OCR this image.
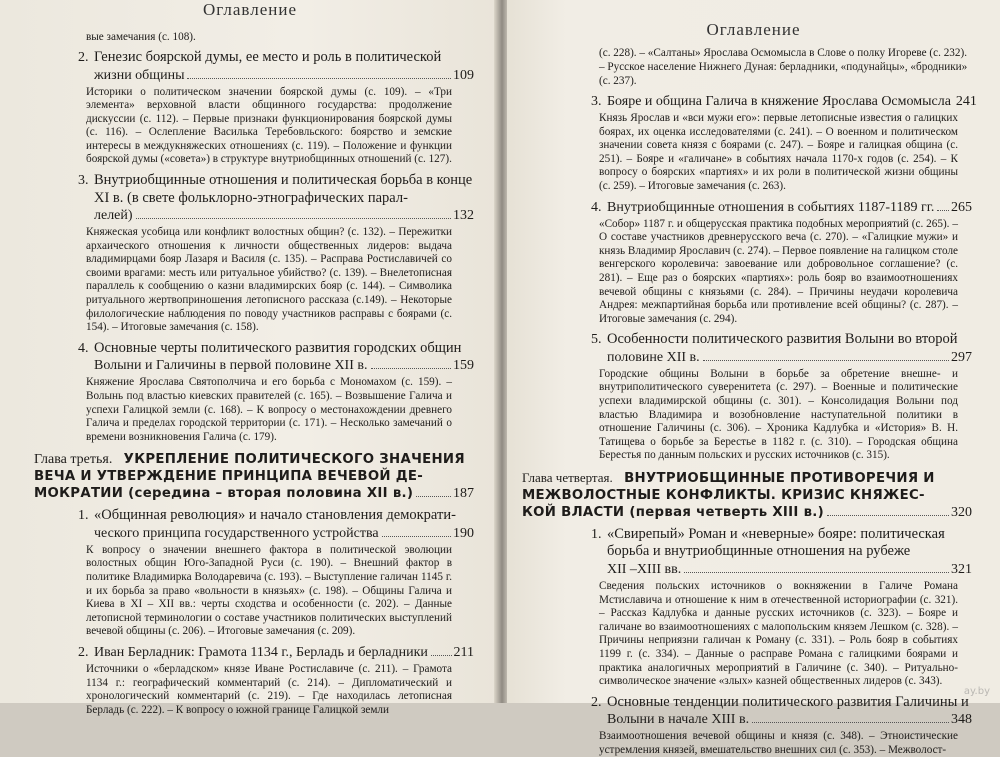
Оглавление
вые замечания (с. 108).
2. Генезис боярской думы, ее место и роль в политической
жизни общины	109
Историки о политическом значении боярской думы (с. 109). – «Три элемента» верховной власти общинного государства: продолжение дискуссии (с. 112). – Первые признаки функционирования боярской думы (с. 116). – Ослепление Василька Теребовльского: боярство и земские интересы в междукняжеских отношениях (с. 119). – Положение и функции боярской думы («совета») в структуре внутриобщинных отношений (с. 127).
3. Внутриобщинные отношения и политическая борьба в конце XI в. (в свете фольклорно-этнографических парал-
лелей)	132
Княжеская усобица или конфликт волостных общин? (с. 132). – Пережитки архаического отношения к личности общественных лидеров: выдача владимирцами бояр Лазаря и Василя (с. 135). – Расправа Ростиславичей со своими врагами: месть или ритуальное убийство? (с. 139). – Внелетописная параллель к сообщению о казни владимирских бояр (с. 144). – Символика ритуального жертвоприношения летописного рассказа (с.149). – Некоторые филологические наблюдения по поводу участников расправы с боярами (с. 154). – Итоговые замечания (с. 158).
4. Основные черты политического развития городских общин
Волыни и Галичины в первой половине XII в.	159
Княжение Ярослава Святополчича и его борьба с Мономахом (с. 159). – Волынь под властью киевских правителей (с. 165). – Возвышение Галича и успехи Галицкой земли (с. 168). – К вопросу о местонахождении древнего Галича и пределах городской территории (с. 171). – Несколько замечаний о времени возникновения Галича (с. 179).
Глава третья. УКРЕПЛЕНИЕ ПОЛИТИЧЕСКОГО ЗНАЧЕНИЯ
ВЕЧА И УТВЕРЖДЕНИЕ ПРИНЦИПА ВЕЧЕВОЙ ДЕ-
МОКРАТИИ (середина – вторая половина XII в.)	187
1. «Общинная революция» и начало становления демократи-
ческого принципа государственного устройства	190
К вопросу о значении внешнего фактора в политической эволюции волостных общин Юго-Западной Руси (с. 190). – Внешний фактор в политике Владимирка Володаревича (с. 193). – Выступление галичан 1145 г. и их борьба за право «вольности в князьях» (с. 198). – Общины Галича и Киева в XI – XII вв.: черты сходства и особенности (с. 202). – Данные летописной терминологии о составе участников политических выступлений вечевой общины (с. 206). – Итоговые замечания (с. 209).
2. Иван Берладник: Грамота 1134 г., Берладь и берладники 211
Источники о «берладском» князе Иване Ростиславиче (с. 211). – Грамота 1134 г.: географический комментарий (с. 214). – Дипломатический и хронологический комментарий (с. 219). – Где находилась летописная Берладь (с. 222). – К вопросу о южной границе Галицкой земли
Оглавление
(с. 228). – «Салтаны» Ярослава Осмомысла в Слове о полку Игореве (с. 232). – Русское население Нижнего Дуная: берладники, «подунайцы», «бродники» (с. 237).
3. Бояре и община Галича в княжение Ярослава Осмомысла 241
Князь Ярослав и «вси мужи его»: первые летописные известия о галицких боярах, их оценка исследователями (с. 241). – О военном и политическом значении совета князя с боярами (с. 247). – Бояре и галицкая община (с. 251). – Бояре и «галичане» в событиях начала 1170-х годов (с. 254). – К вопросу о боярских «партиях» и их роли в политической жизни общины (с. 259). – Итоговые замечания (с. 263).
4. Внутриобщинные отношения в событиях 1187-1189 гг. 265
«Собор» 1187 г. и общерусская практика подобных мероприятий (с. 265). – О составе участников древнерусского веча (с. 270). – «Галицкие мужи» и князь Владимир Ярославич (с. 274). – Первое появление на галицком столе венгерского королевича: завоевание или добровольное соглашение? (с. 281). – Еще раз о боярских «партиях»: роль бояр во взаимоотношениях вечевой общины с князьями (с. 284). – Причины неудачи королевича Андрея: межпартийная борьба или противление всей общины? (с. 287). – Итоговые замечания (с. 294).
5. Особенности политического развития Волыни во второй
половине XII в.	297
Городские общины Волыни в борьбе за обретение внешне- и внутриполитического суверенитета (с. 297). – Военные и политические успехи владимирской общины (с. 301). – Консолидация Волыни под властью Владимира и возобновление наступательной политики в отношение Галичины (с. 306). – Хроника Кадлубка и «История» В. Н. Татищева о борьбе за Берестье в 1182 г. (с. 310). – Городская община Берестья по данным польских и русских источников (с. 315).
Глава четвертая. ВНУТРИОБЩИННЫЕ ПРОТИВОРЕЧИЯ И
МЕЖВОЛОСТНЫЕ КОНФЛИКТЫ. КРИЗИС КНЯЖЕС-
КОЙ ВЛАСТИ (первая четверть XIII в.)	320
1. «Свирепый» Роман и «неверные» бояре: политическая борьба и внутриобщинные отношения на рубеже
XII –XIII вв.	321
Сведения польских источников о вокняжении в Галиче Романа Мстиславича и отношение к ним в отечественной историографии (с. 321). – Рассказ Кадлубка и данные русских источников (с. 323). – Бояре и галичане во взаимоотношениях с малопольским князем Лешком (с. 328). – Причины неприязни галичан к Роману (с. 331). – Роль бояр в событиях 1199 г. (с. 334). – Данные о расправе Романа с галицкими боярами и практика аналогичных мероприятий в Галичине (с. 340). – Ритуально-символическое значение «злых» казней общественных лидеров (с. 343).
2. Основные тенденции политического развития Галичины и
Волыни в начале XIII в.	348
Взаимоотношения вечевой общины и князя (с. 348). – Этноистические устремления князей, вмешательство внешних сил (с. 353). – Межволост-
ay.by
